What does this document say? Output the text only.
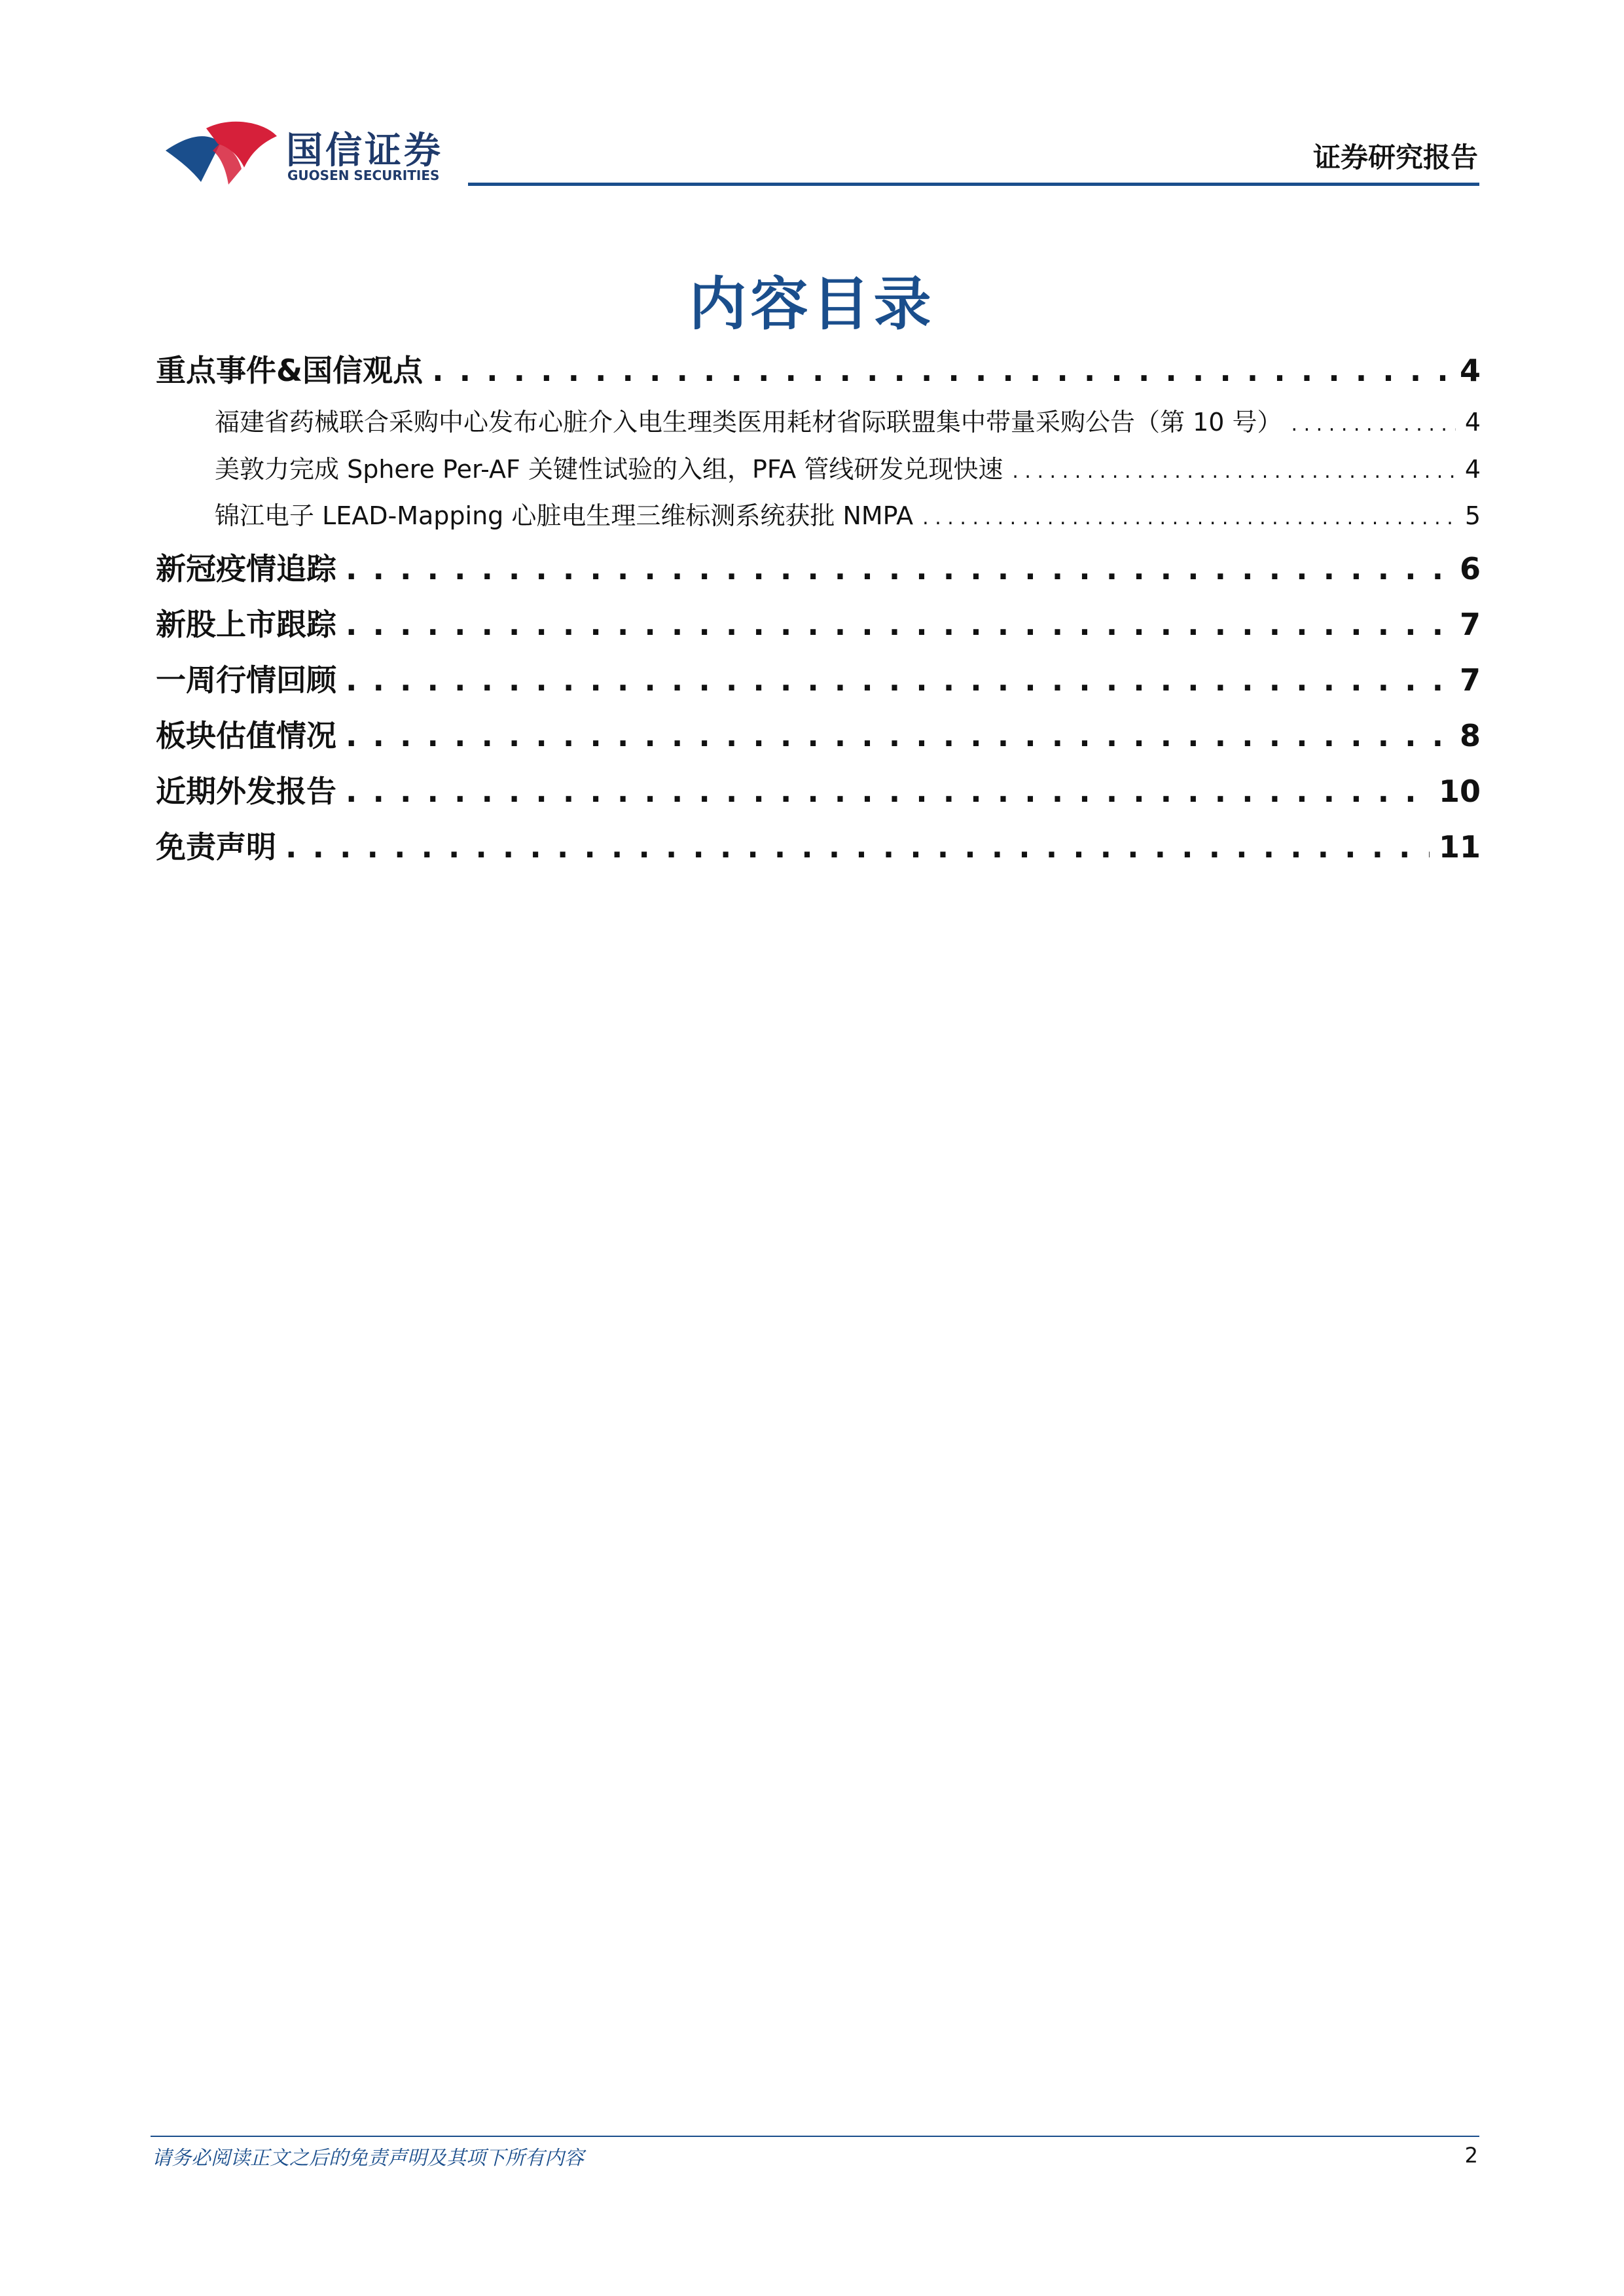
国信证券
GUOSEN SECURITIES
证券研究报告
内容目录
重点事件&国信观点 . . .	4
福建省药械联合采购中心发布心脏介入电生理类医用耗材省际联盟集中带量采购公告（第 10 号） . . .	4
美敦力完成 Sphere Per-AF 关键性试验的入组，PFA 管线研发兑现快速 . . .	4
锦江电子 LEAD-Mapping 心脏电生理三维标测系统获批 NMPA . . .	5
新冠疫情追踪 . . .	6
新股上市跟踪 . . .	7
一周行情回顾 . . .	7
板块估值情况 . . .	8
近期外发报告 . . .	10
免责声明 . . .	11
请务必阅读正文之后的免责声明及其项下所有内容	2
